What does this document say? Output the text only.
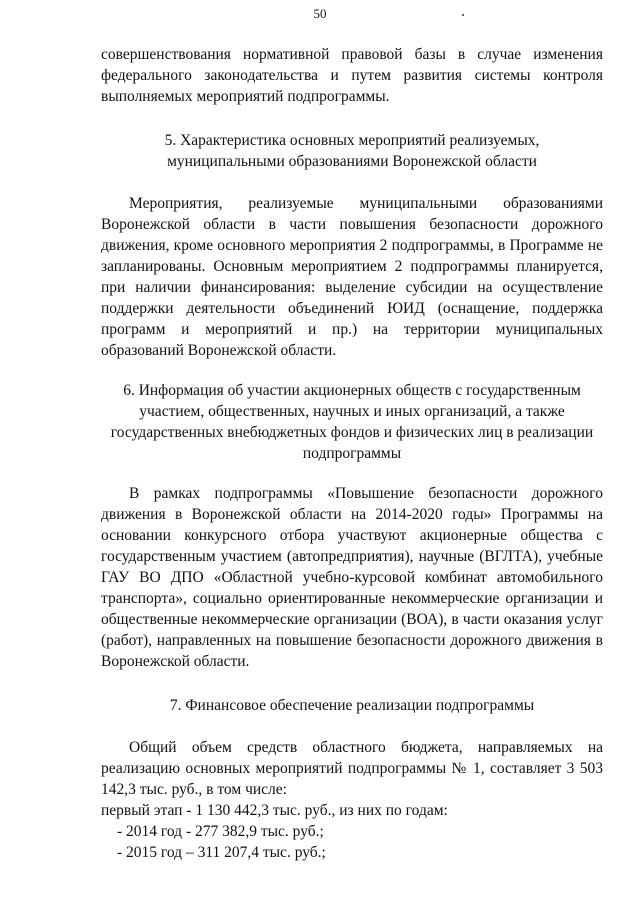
50

совершенствования нормативной правовой базы в случае изменения федерального законодательства и путем развития системы контроля выполняемых мероприятий подпрограммы.

5. Характеристика основных мероприятий реализуемых,

муниципальными образованиями Воронежской области

Мероприятия, реализуемые муниципальными образованиями Воронежской области в части повышения безопасности дорожного движения, кроме основного мероприятия 2 подпрограммы, в Программе не запланированы. Основным мероприятием 2 подпрограммы планируется, при наличии финансирования: выделение субсидии на осуществление поддержки деятельности объединений ЮИД (оснащение, поддержка программ и мероприятий и пр.) на территории муниципальных образований Воронежской области.

6. Информация об участии акционерных обществ с государственным участием, общественных, научных и иных организаций, а также государственных внебюджетных фондов и физических лиц в реализации подпрограммы

В рамках подпрограммы «Повышение безопасности дорожного движения в Воронежской области на 2014-2020 годы» Программы на основании конкурсного отбора участвуют акционерные общества с государственным участием (автопредприятия), научные (ВГЛТА), учебные ГАУ ВО ДПО «Областной учебно-курсовой комбинат автомобильного транспорта», социально ориентированные некоммерческие организации и общественные некоммерческие организации (ВОА), в части оказания услуг (работ), направленных на повышение безопасности дорожного движения в Воронежской области.

7. Финансовое обеспечение реализации подпрограммы

Общий объем средств областного бюджета, направляемых на реализацию основных мероприятий подпрограммы № 1, составляет 3 503 142,3 тыс. руб., в том числе:

первый этап - 1 130 442,3 тыс. руб., из них по годам:

- 2014 год - 277 382,9 тыс. руб.;

- 2015 год – 311 207,4 тыс. руб.;
